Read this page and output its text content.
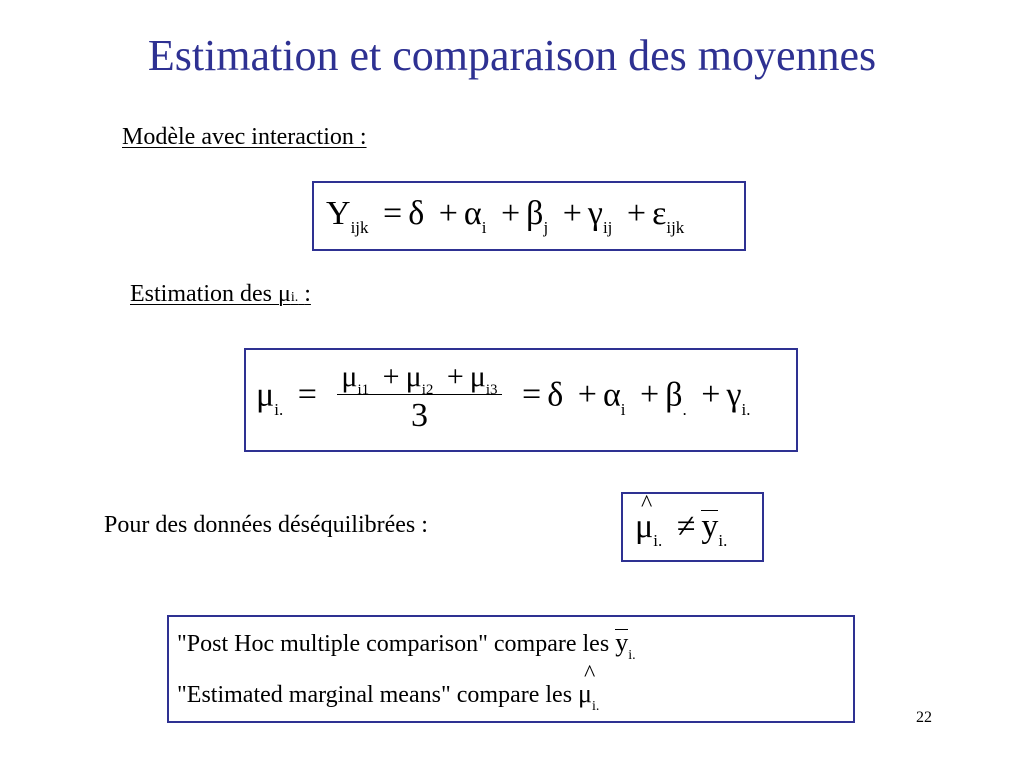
Estimation et comparaison des moyennes
Modèle avec interaction :
$Y_{ijk} = \delta + \alpha_i + \beta_j + \gamma_{ij} + \varepsilon_{ijk}$
Estimation des μi. :
$\mu_{i.} = \frac{\mu_{i1} + \mu_{i2} + \mu_{i3}}{3} = \delta + \alpha_i + \beta_. + \gamma_{i.}$
Pour des données déséquilibrées :	^ $\mu_{i.} \ne y_{i.}$
"Post Hoc multiple comparison" compare les $y_{i.}$
"Estimated marginal means" compare les ^ $\mu_{i.}$
22
